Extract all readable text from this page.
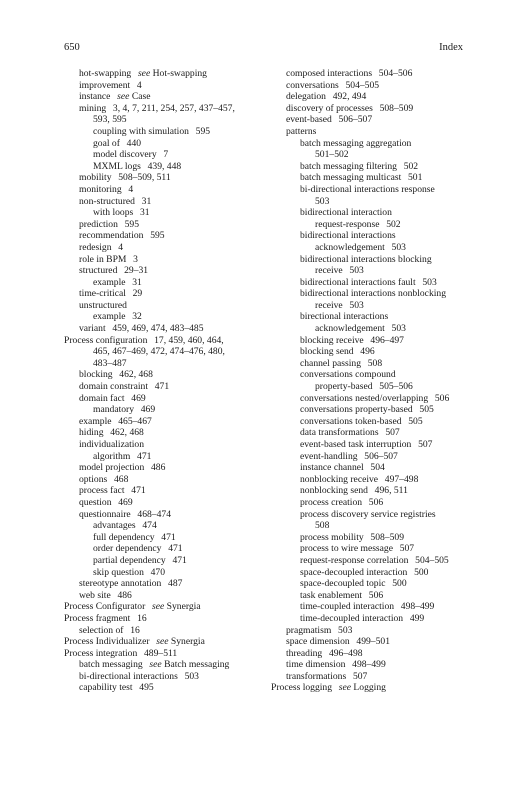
650	Index
hot-swapping see Hot-swapping
improvement 4
instance see Case
mining 3, 4, 7, 211, 254, 257, 437–457,
593, 595
coupling with simulation 595
goal of 440
model discovery 7
MXML logs 439, 448
mobility 508–509, 511
monitoring 4
non-structured 31
with loops 31
prediction 595
recommendation 595
redesign 4
role in BPM 3
structured 29–31
example 31
time-critical 29
unstructured
example 32
variant 459, 469, 474, 483–485
Process configuration 17, 459, 460, 464,
465, 467–469, 472, 474–476, 480,
483–487
blocking 462, 468
domain constraint 471
domain fact 469
mandatory 469
example 465–467
hiding 462, 468
individualization
algorithm 471
model projection 486
options 468
process fact 471
question 469
questionnaire 468–474
advantages 474
full dependency 471
order dependency 471
partial dependency 471
skip question 470
stereotype annotation 487
web site 486
Process Configurator see Synergia
Process fragment 16
selection of 16
Process Individualizer see Synergia
Process integration 489–511
batch messaging see Batch messaging
bi-directional interactions 503
capability test 495
composed interactions 504–506
conversations 504–505
delegation 492, 494
discovery of processes 508–509
event-based 506–507
patterns
batch messaging aggregation
501–502
batch messaging filtering 502
batch messaging multicast 501
bi-directional interactions response
503
bidirectional interaction
request-response 502
bidirectional interactions
acknowledgement 503
bidirectional interactions blocking
receive 503
bidirectional interactions fault 503
bidirectional interactions nonblocking
receive 503
birectional interactions
acknowledgement 503
blocking receive 496–497
blocking send 496
channel passing 508
conversations compound
property-based 505–506
conversations nested/overlapping 506
conversations property-based 505
conversations token-based 505
data transformations 507
event-based task interruption 507
event-handling 506–507
instance channel 504
nonblocking receive 497–498
nonblocking send 496, 511
process creation 506
process discovery service registries
508
process mobility 508–509
process to wire message 507
request-response correlation 504–505
space-decoupled interaction 500
space-decoupled topic 500
task enablement 506
time-coupled interaction 498–499
time-decoupled interaction 499
pragmatism 503
space dimension 499–501
threading 496–498
time dimension 498–499
transformations 507
Process logging see Logging
